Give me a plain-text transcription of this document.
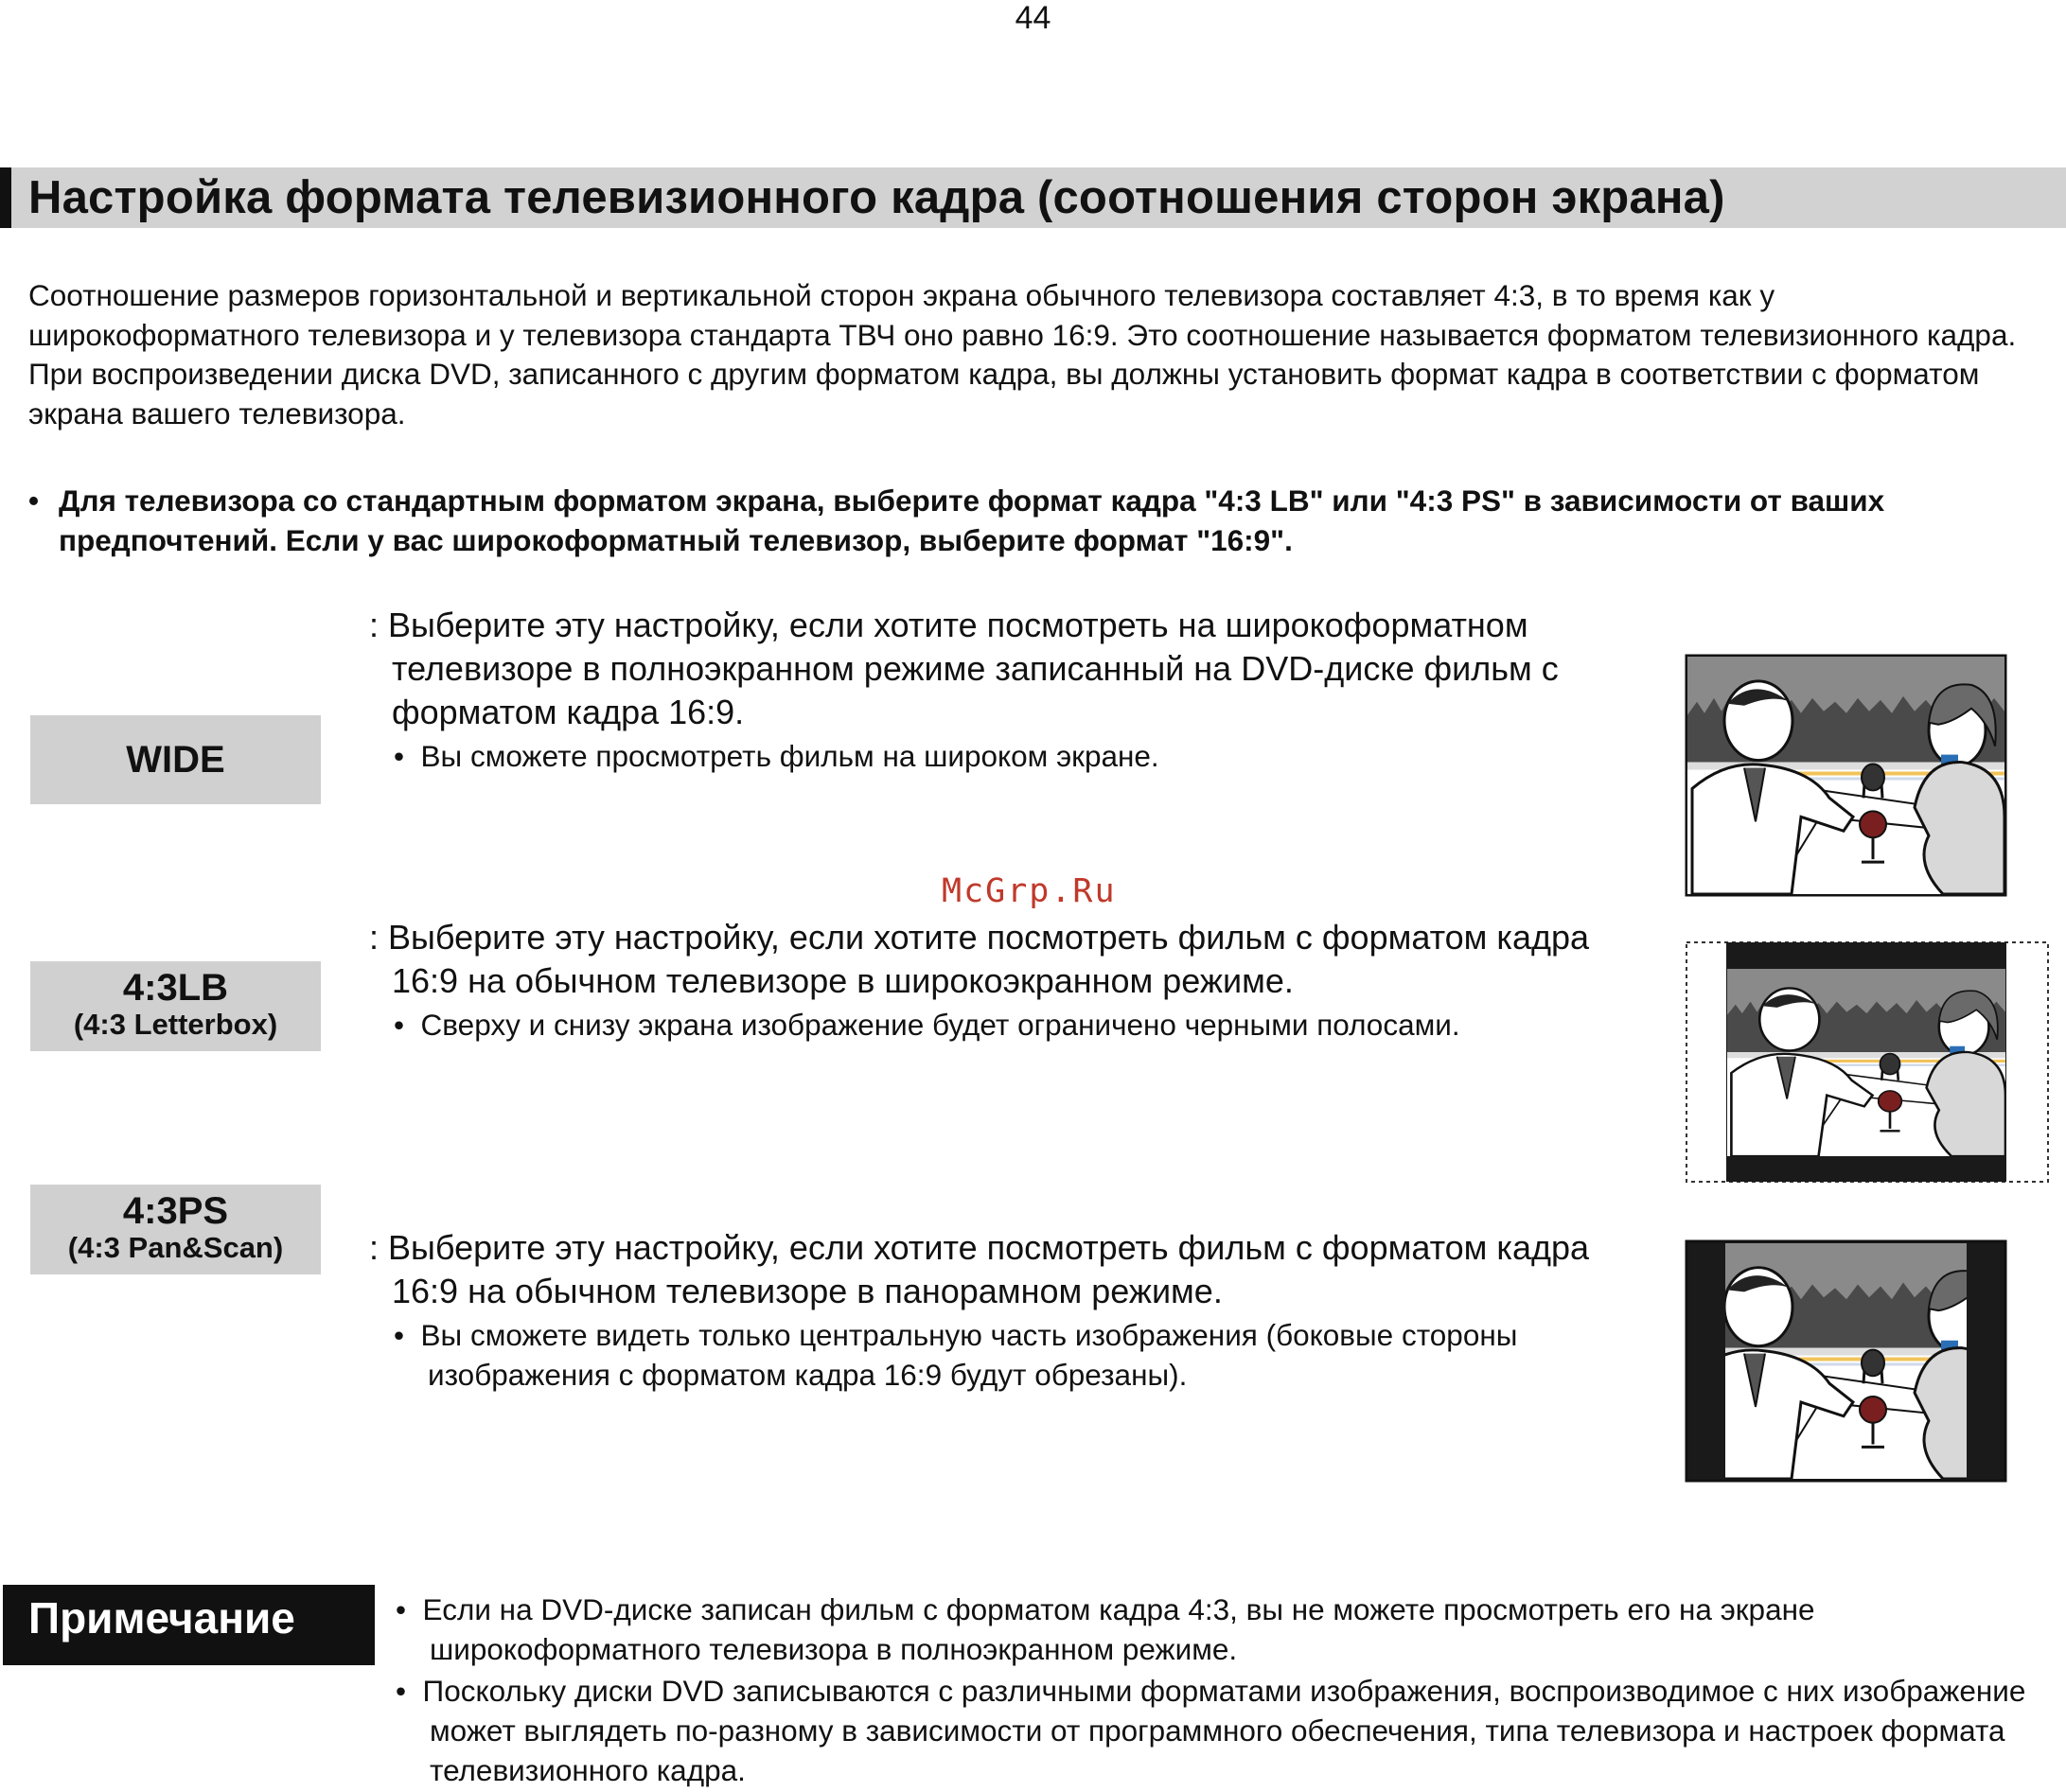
44
Настройка формата телевизионного кадра (соотношения сторон экрана)
Соотношение размеров горизонтальной и вертикальной сторон экрана обычного телевизора составляет 4:3, в то время как у широкоформатного телевизора и у телевизора стандарта ТВЧ оно равно 16:9. Это соотношение называется форматом телевизионного кадра. При воспроизведении диска DVD, записанного с другим форматом кадра, вы должны установить формат кадра в соответствии с форматом экрана вашего телевизора.
• Для телевизора со стандартным форматом экрана, выберите формат кадра "4:3 LB" или "4:3 PS" в зависимости от ваших предпочтений. Если у вас широкоформатный телевизор, выберите формат "16:9".
WIDE
: Выберите эту настройку, если хотите посмотреть на широкоформатном телевизоре в полноэкранном режиме записанный на DVD-диске фильм с форматом кадра 16:9.
•  Вы сможете просмотреть фильм на широком экране.
4:3LB
(4:3 Letterbox)
: Выберите эту настройку, если хотите посмотреть фильм с форматом кадра 16:9 на обычном телевизоре в широкоэкранном режиме.
•  Сверху и снизу экрана изображение будет ограничено черными полосами.
4:3PS
(4:3 Pan&Scan)	: Выберите эту настройку, если хотите посмотреть фильм с форматом кадра 16:9 на обычном телевизоре в панорамном режиме.
•  Вы сможете видеть только центральную часть изображения (боковые стороны изображения с форматом кадра 16:9 будут обрезаны).
McGrp.Ru
Примечание	•  Если на DVD-диске записан фильм с форматом кадра 4:3, вы не можете просмотреть его на экране широкоформатного телевизора в полноэкранном режиме.
•  Поскольку диски DVD записываются с различными форматами изображения, воспроизводимое с них изображение может выглядеть по-разному в зависимости от программного обеспечения, типа телевизора и настроек формата телевизионного кадра.
